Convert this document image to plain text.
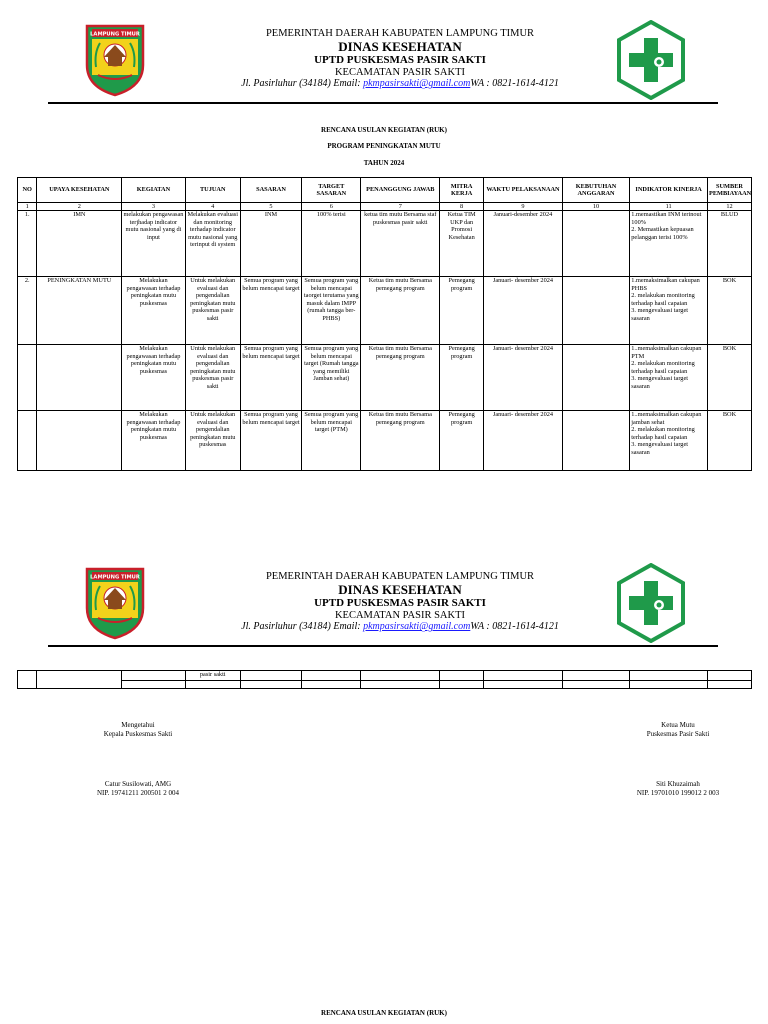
LAMPUNG TIMUR	PEMERINTAH DAERAH KABUPATEN LAMPUNG TIMUR
DINAS KESEHATAN
UPTD PUSKESMAS PASIR SAKTI
KECAMATAN PASIR SAKTI
Jl. Pasirluhur (34184) Email: pkmpasirsakti@gmail.comWA : 0821-1614-4121
RENCANA USULAN KEGIATAN (RUK)
PROGRAM PENINGKATAN MUTU
TAHUN 2024
NO	UPAYA KESEHATAN	KEGIATAN	TUJUAN	SASARAN	TARGET SASARAN	PENANGGUNG JAWAB	MITRA KERJA	WAKTU PELAKSANAAN	KEBUTUHAN ANGGARAN	INDIKATOR KINERJA	SUMBER PEMBIAYAAN
1	2	3	4	5	6	7	8	9	10	11	12
1.	IMN	melakukan pengawasan terjhadap indicator mutu nasional yang di input	Melakukan evaluasi dan monitoring terhadap indicator mutu nasional yang terinput di system	INM	100% terisi	ketua tim mutu Bersama staf puskesmas pasir sakti	Ketua TIM UKP dan Promosi Kesehatan	Januari-desember 2024		1.memastikan INM terinout 100%
2. Memastikan kepuasan pelanggan terisi 100%	BLUD
2.	PENINGKATAN MUTU	Melakukan pengawasan terhadap peningkatan mutu puskesmas	Untuk melakukan evaluasi dan pengendalian peningkatan mutu puskesmas pasir sakti	Semua program yang belum mencapai target	Semua program yang belum mencapai taorget terutama yang masuk dalam IMPP (rumah tangga ber-PHBS)	Ketua tim mutu Bersama pemegang program	Pemegang program	Januari- desember 2024		1.memaksimalkan cakupan PHBS
2. melakukan monitoring terhadap hasil capaian
3. mengevaluasi target sasaran	BOK
		Melakukan pengawasan terhadap peningkatan mutu puskesmas	Untuk melakukan evaluasi dan pengendalian peningkatan mutu puskesmas pasir sakti	Semua program yang belum mencapai target	Semua program yang belum mencapai target (Rumah tangga yang memiliki Jamban sehat)	Ketua tim mutu Bersama pemegang program	Pemegang program	Januari- desember 2024		1..memaksimalkan cakupan PTM
2. melakukan monitoring terhadap hasil capaian
3. mengevaluasi target sasaran	BOK
		Melakukan pengawasan terhadap peningkatan mutu puskesmas	Untuk melakukan evaluasi dan pengendalian peningkatan mutu puskesmas	Semua program yang belum mencapai target	Semua program yang belum mencapai target (PTM)	Ketua tim mutu Bersama pemegang program	Pemegang program	Januari- desember 2024		1..memaksimalkan cakupan jamban sehat
2. melakukan monitoring terhadap hasil capaian
3. mengevaluasi target sasaran	BOK
LAMPUNG TIMUR	PEMERINTAH DAERAH KABUPATEN LAMPUNG TIMUR
DINAS KESEHATAN
UPTD PUSKESMAS PASIR SAKTI
KECAMATAN PASIR SAKTI
Jl. Pasirluhur (34184) Email: pkmpasirsakti@gmail.comWA : 0821-1614-4121
			pasir sakti								

Mengetahui
Kepala Puskesmas Sakti
Ketua Mutu
Puskesmas Pasir Sakti
Catur Susilowati, AMG
NIP. 19741211 200501 2 004
Siti Khuzaimah
NIP. 19701010 199012 2 003
RENCANA USULAN KEGIATAN (RUK)
